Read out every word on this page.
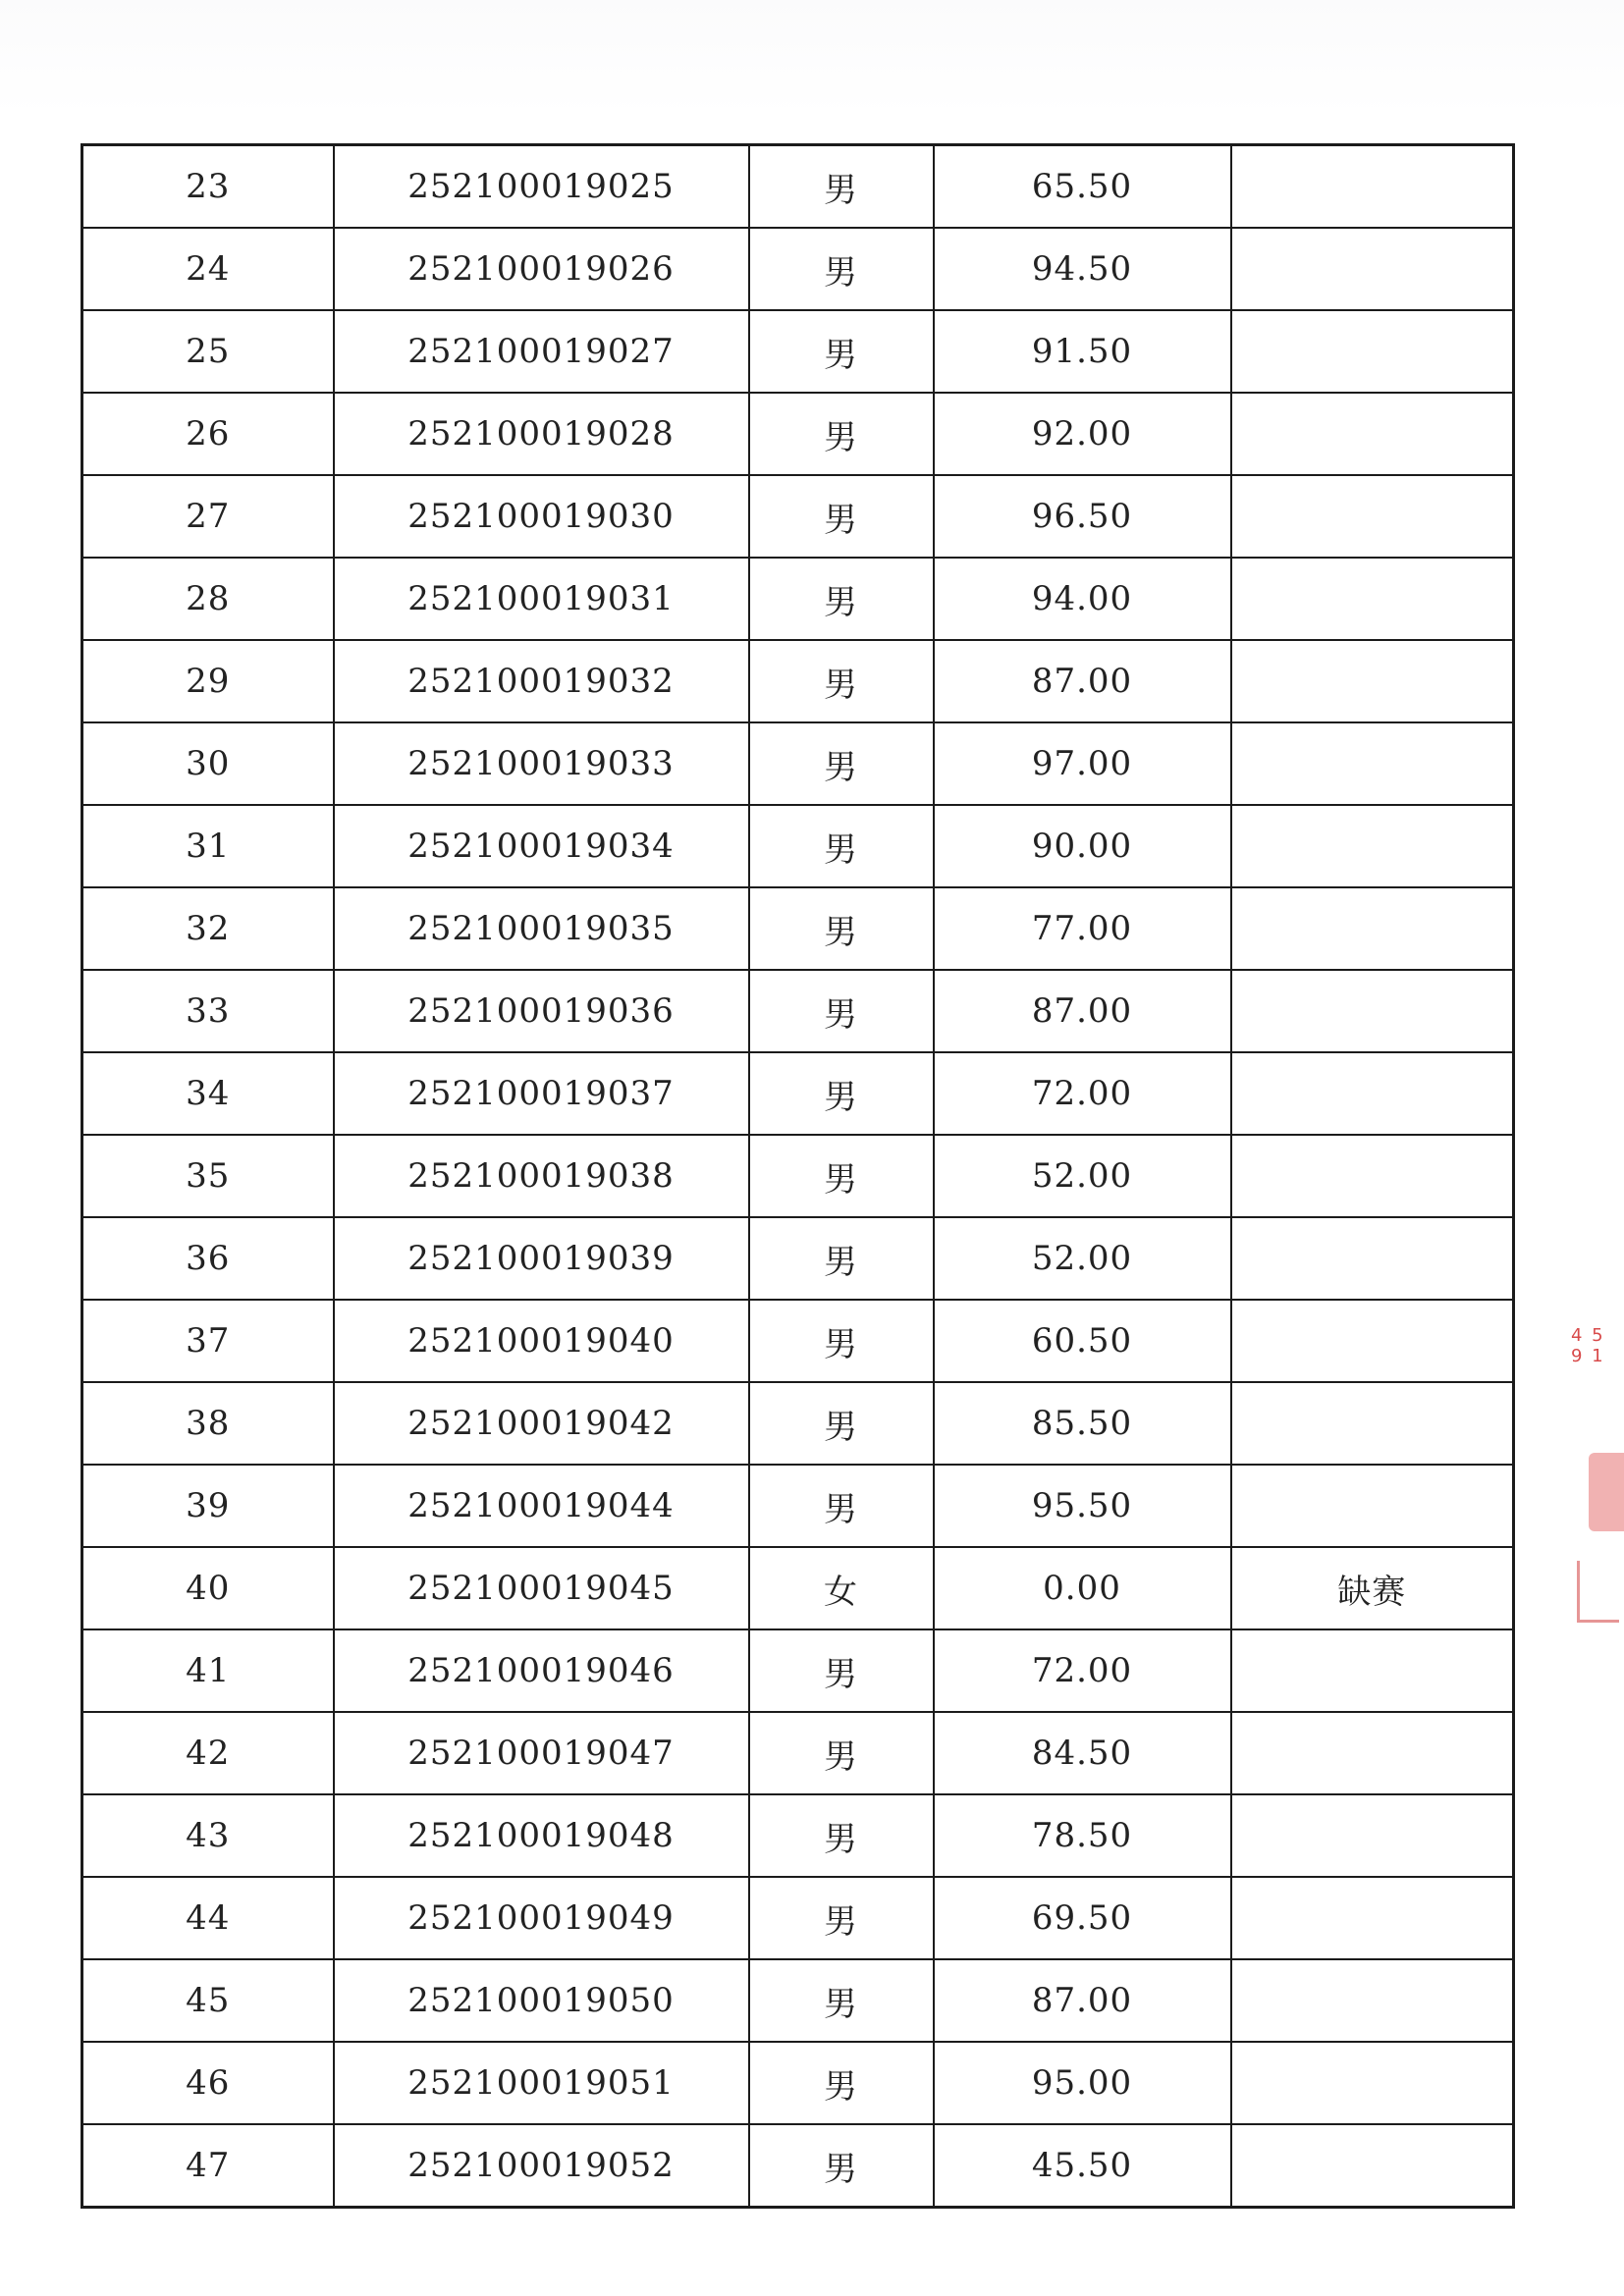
23	252100019025	男	65.50	
24	252100019026	男	94.50	
25	252100019027	男	91.50	
26	252100019028	男	92.00	
27	252100019030	男	96.50	
28	252100019031	男	94.00	
29	252100019032	男	87.00	
30	252100019033	男	97.00	
31	252100019034	男	90.00	
32	252100019035	男	77.00	
33	252100019036	男	87.00	
34	252100019037	男	72.00	
35	252100019038	男	52.00	
36	252100019039	男	52.00	
37	252100019040	男	60.50	
38	252100019042	男	85.50	
39	252100019044	男	95.50	
40	252100019045	女	0.00	缺赛
41	252100019046	男	72.00	
42	252100019047	男	84.50	
43	252100019048	男	78.50	
44	252100019049	男	69.50	
45	252100019050	男	87.00	
46	252100019051	男	95.00	
47	252100019052	男	45.50	
4 5 9 1
